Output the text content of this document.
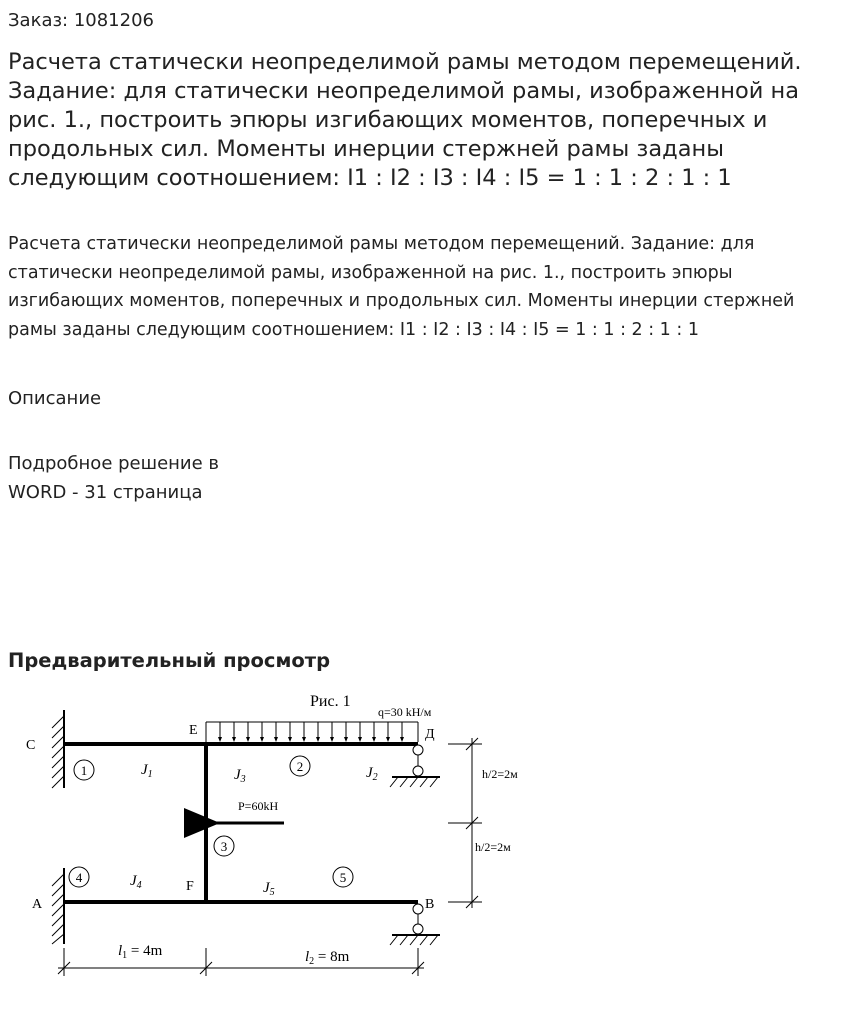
Заказ: 1081206
Расчета статически неопределимой рамы методом перемещений. Задание: для статически неопределимой рамы, изображенной на рис. 1., построить эпюры изгибающих моментов, поперечных и продольных сил. Моменты инерции стержней рамы заданы следующим соотношением: I1 : I2 : I3 : I4 : I5 = 1 : 1 : 2 : 1 : 1
Расчета статически неопределимой рамы методом перемещений. Задание: для статически неопределимой рамы, изображенной на рис. 1., построить эпюры изгибающих моментов, поперечных и продольных сил. Моменты инерции стержней рамы заданы следующим соотношением: I1 : I2 : I3 : I4 : I5 = 1 : 1 : 2 : 1 : 1
Описание
Подробное решение в
WORD - 31 страница
Предварительный просмотр
Рис. 1
q=30 kH/м
P=60kH
C
E	Д
K
F
A	B
1	2
3
4	5
$J_1$	$J_3$	$J_2$
$J_4$	$J_5$
h/2=2м
h/2=2м
$l_1 = 4m$	$l_2 = 8m$
